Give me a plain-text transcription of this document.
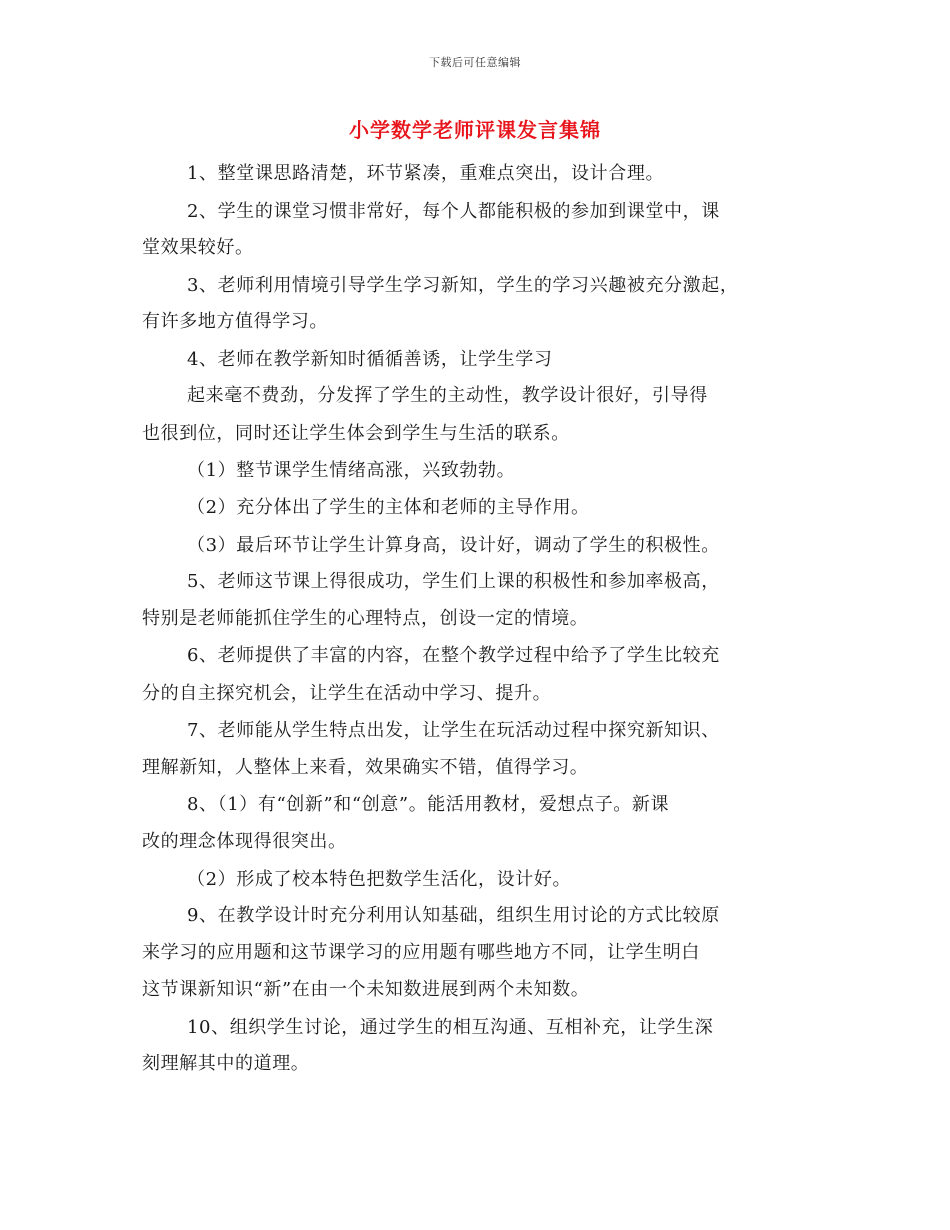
下载后可任意编辑
小学数学老师评课发言集锦
1、整堂课思路清楚，环节紧凑，重难点突出，设计合理。
2、学生的课堂习惯非常好，每个人都能积极的参加到课堂中，课
堂效果较好。
3、老师利用情境引导学生学习新知，学生的学习兴趣被充分激起，
有许多地方值得学习。
4、老师在教学新知时循循善诱，让学生学习
起来毫不费劲，分发挥了学生的主动性，教学设计很好，引导得
也很到位，同时还让学生体会到学生与生活的联系。
（1）整节课学生情绪高涨，兴致勃勃。
（2）充分体出了学生的主体和老师的主导作用。
（3）最后环节让学生计算身高，设计好，调动了学生的积极性。
5、老师这节课上得很成功，学生们上课的积极性和参加率极高，
特别是老师能抓住学生的心理特点，创设一定的情境。
6、老师提供了丰富的内容，在整个教学过程中给予了学生比较充
分的自主探究机会，让学生在活动中学习、提升。
7、老师能从学生特点出发，让学生在玩活动过程中探究新知识、
理解新知，人整体上来看，效果确实不错，值得学习。
8、（1）有“创新”和“创意”。能活用教材，爱想点子。新课
改的理念体现得很突出。
（2）形成了校本特色把数学生活化，设计好。
9、在教学设计时充分利用认知基础，组织生用讨论的方式比较原
来学习的应用题和这节课学习的应用题有哪些地方不同，让学生明白
这节课新知识“新”在由一个未知数进展到两个未知数。
10、组织学生讨论，通过学生的相互沟通、互相补充，让学生深
刻理解其中的道理。
